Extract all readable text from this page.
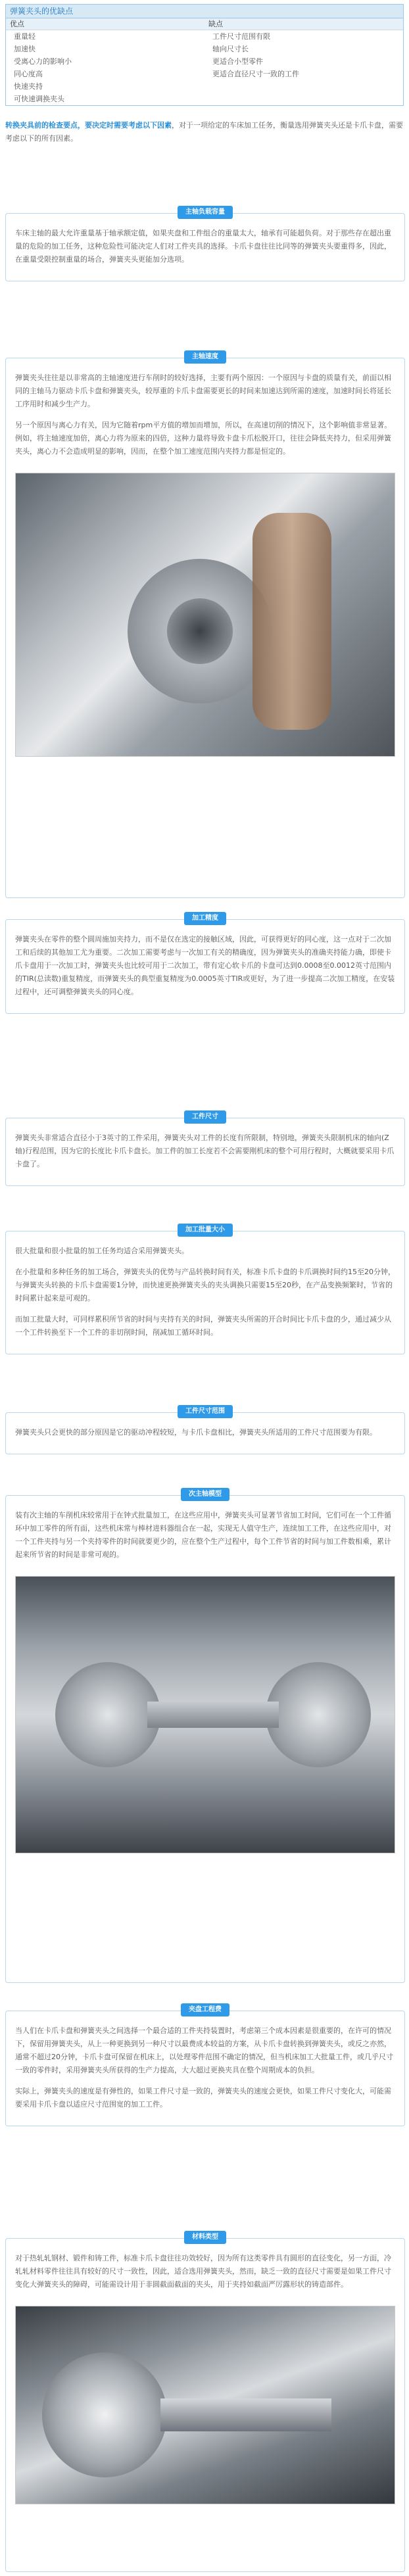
弹簧夹头的优缺点
优点	缺点
重量轻
加速快
受离心力的影响小
同心度高
快速夹持
可快速调换夹头
工件尺寸范围有限
轴向尺寸长
更适合小型零件
更适合直径尺寸一致的工件
转换夹具前的检查要点，要决定时需要考虑以下因素，对于一项给定的车床加工任务，衡量选用弹簧夹头还是卡爪卡盘，需要考虑以下的所有因素。
主轴负载容量

车床主轴的最大允许重量基于轴承额定值，如果夹盘和工件组合的重量太大，轴承有可能超负荷。对于那些存在超出重量的危险的加工任务，这种危险性可能决定人们对工件夹具的选择。卡爪卡盘往往比同等的弹簧夹头要重得多，因此，在重量受限控制重量的场合，弹簧夹头更能加分选项。

主轴速度

弹簧夹头往往是以非常高的主轴速度进行车削时的较好选择，主要有两个原因：一个原因与卡盘的质量有关，前面以相同的主轴马力驱动卡爪卡盘和弹簧夹头，较厚重的卡爪卡盘需要更长的时间来加速达到所需的速度，加速时间长将延长工序用时和减少生产力。

另一个原因与离心力有关，因为它随着rpm平方值的增加而增加，所以，在高速切削的情况下，这个影响值非常显著。例如，将主轴速度加倍，离心力将为原来的四倍，这种力量将导致卡盘卡爪松脱开口，往往会降低夹持力，但采用弹簧夹头，离心力不会造成明显的影响，因而，在整个加工速度范围内夹持力都是恒定的。

加工精度

弹簧夹头在零件的整个圆周施加夹持力，而不是仅在选定的接触区域，因此，可获得更好的同心度，这一点对于二次加工和后续的其他加工尤为重要。二次加工需要考虑与一次加工有关的精确度，因为弹簧夹头的准确夹持能力确，即使卡爪卡盘用于一次加工时，弹簧夹头也比较可用于二次加工，带有定心软卡爪的卡盘可达到0.0008至0.0012英寸范围内的TIR(总读数)重复精度，而弹簧夹头的典型重复精度为0.0005英寸TIR或更好，为了进一步提高二次加工精度，在安装过程中，还可调整弹簧夹头的同心度。

工件尺寸

弹簧夹头非常适合直径小于3英寸的工件采用，弹簧夹头对工件的长度有所限制，特别地，弹簧夹头限制机床的轴向(Z轴)行程范围，因为它的长度比卡爪卡盘长。加工件的加工长度若不会需要刚机床的整个可用行程时，大概就要采用卡爪卡盘了。

加工批量大小

很大批量和很小批量的加工任务均适合采用弹簧夹头。

在小批量和多种任务的加工场合，弹簧夹头的优势与产品转换时间有关，标准卡爪卡盘的卡爪调换时间约15至20分钟，与弹簧夹头转换的卡爪卡盘需要1分钟，而快速更换弹簧夹头的夹头调换只需要15至20秒，在产品变换频繁时，节省的时间累计起来是可观的。

而加工批量大时，可同样累积所节省的时间与夹持有关的时间，弹簧夹头所需的开合时间比卡爪卡盘的少，通过减少从一个工件转换至下一个工件的非切削时间，削减加工循环时间。

工件尺寸范围

弹簧夹头只会更快的部分原因是它的驱动冲程较短，与卡爪卡盘相比，弹簧夹头所适用的工件尺寸范围要为有限。

次主轴模型

装有次主轴的车削机床较常用于在钟式批量加工，在这些应用中，弹簧夹头可显著节省加工时间，它们可在一个工件循环中加工零件的所有面，这些机床常与棒材进料器组合在一起，实现无人值守生产，连续加工工件，在这些应用中，对一个工件夹持与另一个夹持零件的时间就要更少的，应在整个生产过程中，每个工件节省的时间与加工件数相乘，累计起来所节省的时间是非常可观的。

夹盘工程费

当人们在卡爪卡盘和弹簧夹头之间选择一个最合适的工件夹持装置时，考虑第三个成本因素是很重要的，在许可的情况下，保留用弹簧夹头，从上一种更换到另一种尺寸以最费成本较益的方案，从卡爪卡盘转换到弹簧夹头，或反之亦然，通常不超过20分钟，卡爪卡盘可保留在机床上，以处理零件范围不确定的情况，但当机床加工大批量工件，或几乎尺寸一致的零件时，采用弹簧夹头所获得的生产力提高，大大超过更换夹具在整个周期成本的负担。

实际上，弹簧夹头的速度是有弹性的，如果工件尺寸是一致的，弹簧夹头的速度会更快，如果工件尺寸变化大，可能需要采用卡爪卡盘以适应尺寸范围宽的加工工件。

材料类型

对于热轧轧钢材、锻件和铸工件，标准卡爪卡盘往往功效较好，因为所有这类零件具有圆形的直径变化，另一方面，冷轧轧材料零件往往具有较好的尺寸一致性，因此，适合选用弹簧夹头，然而，缺乏一致的直径尺寸需要是如果工件尺寸变化大弹簧夹头的障碍，可能需设计用于非圆截面截面的夹头，用于夹持如截面严厉露形状的铸造部件。
